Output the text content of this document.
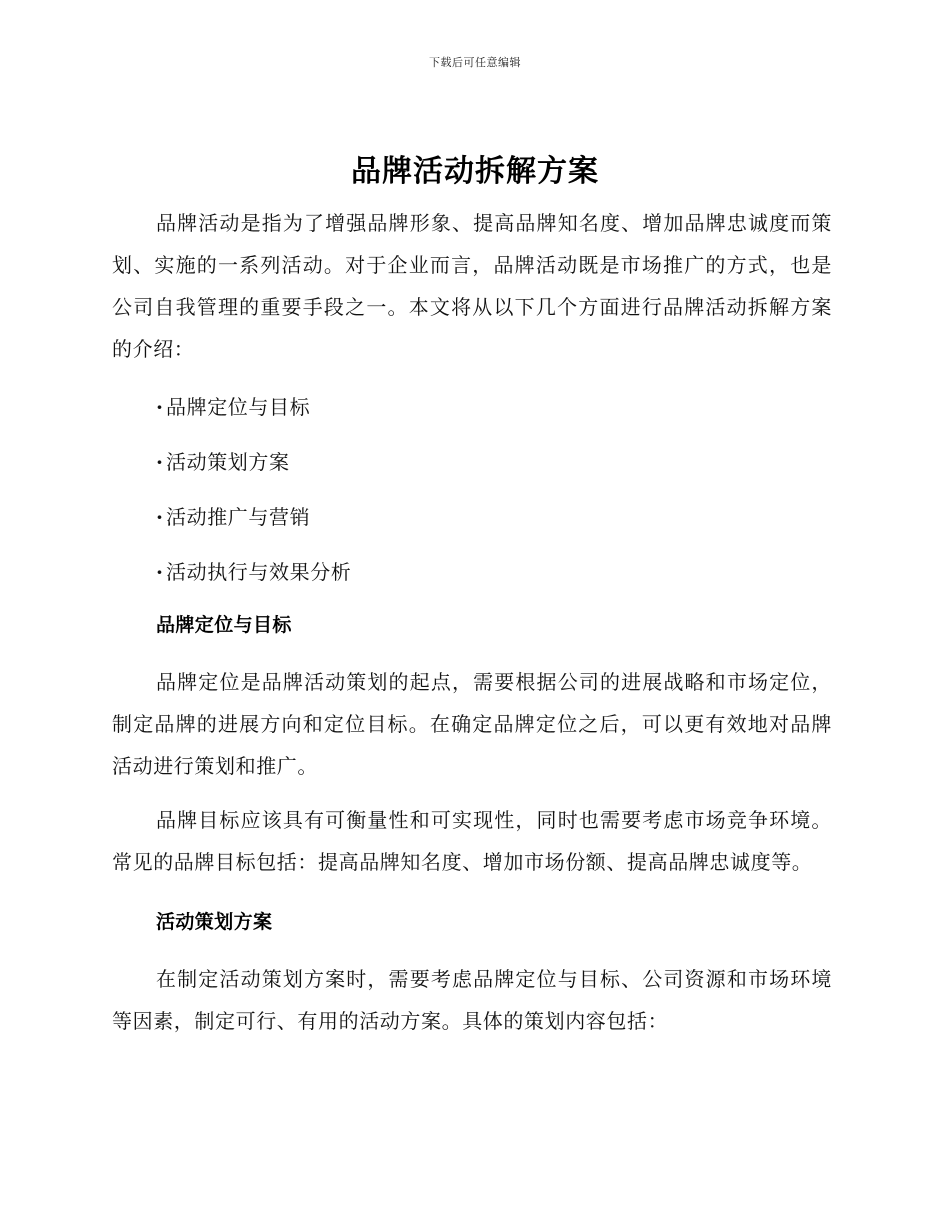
下载后可任意编辑
品牌活动拆解方案

品牌活动是指为了增强品牌形象、提高品牌知名度、增加品牌忠诚度而策划、实施的一系列活动。对于企业而言，品牌活动既是市场推广的方式，也是公司自我管理的重要手段之一。本文将从以下几个方面进行品牌活动拆解方案的介绍：

· 品牌定位与目标
· 活动策划方案
· 活动推广与营销
· 活动执行与效果分析
品牌定位与目标

品牌定位是品牌活动策划的起点，需要根据公司的进展战略和市场定位，制定品牌的进展方向和定位目标。在确定品牌定位之后，可以更有效地对品牌活动进行策划和推广。

品牌目标应该具有可衡量性和可实现性，同时也需要考虑市场竞争环境。常见的品牌目标包括：提高品牌知名度、增加市场份额、提高品牌忠诚度等。

活动策划方案

在制定活动策划方案时，需要考虑品牌定位与目标、公司资源和市场环境等因素，制定可行、有用的活动方案。具体的策划内容包括：
